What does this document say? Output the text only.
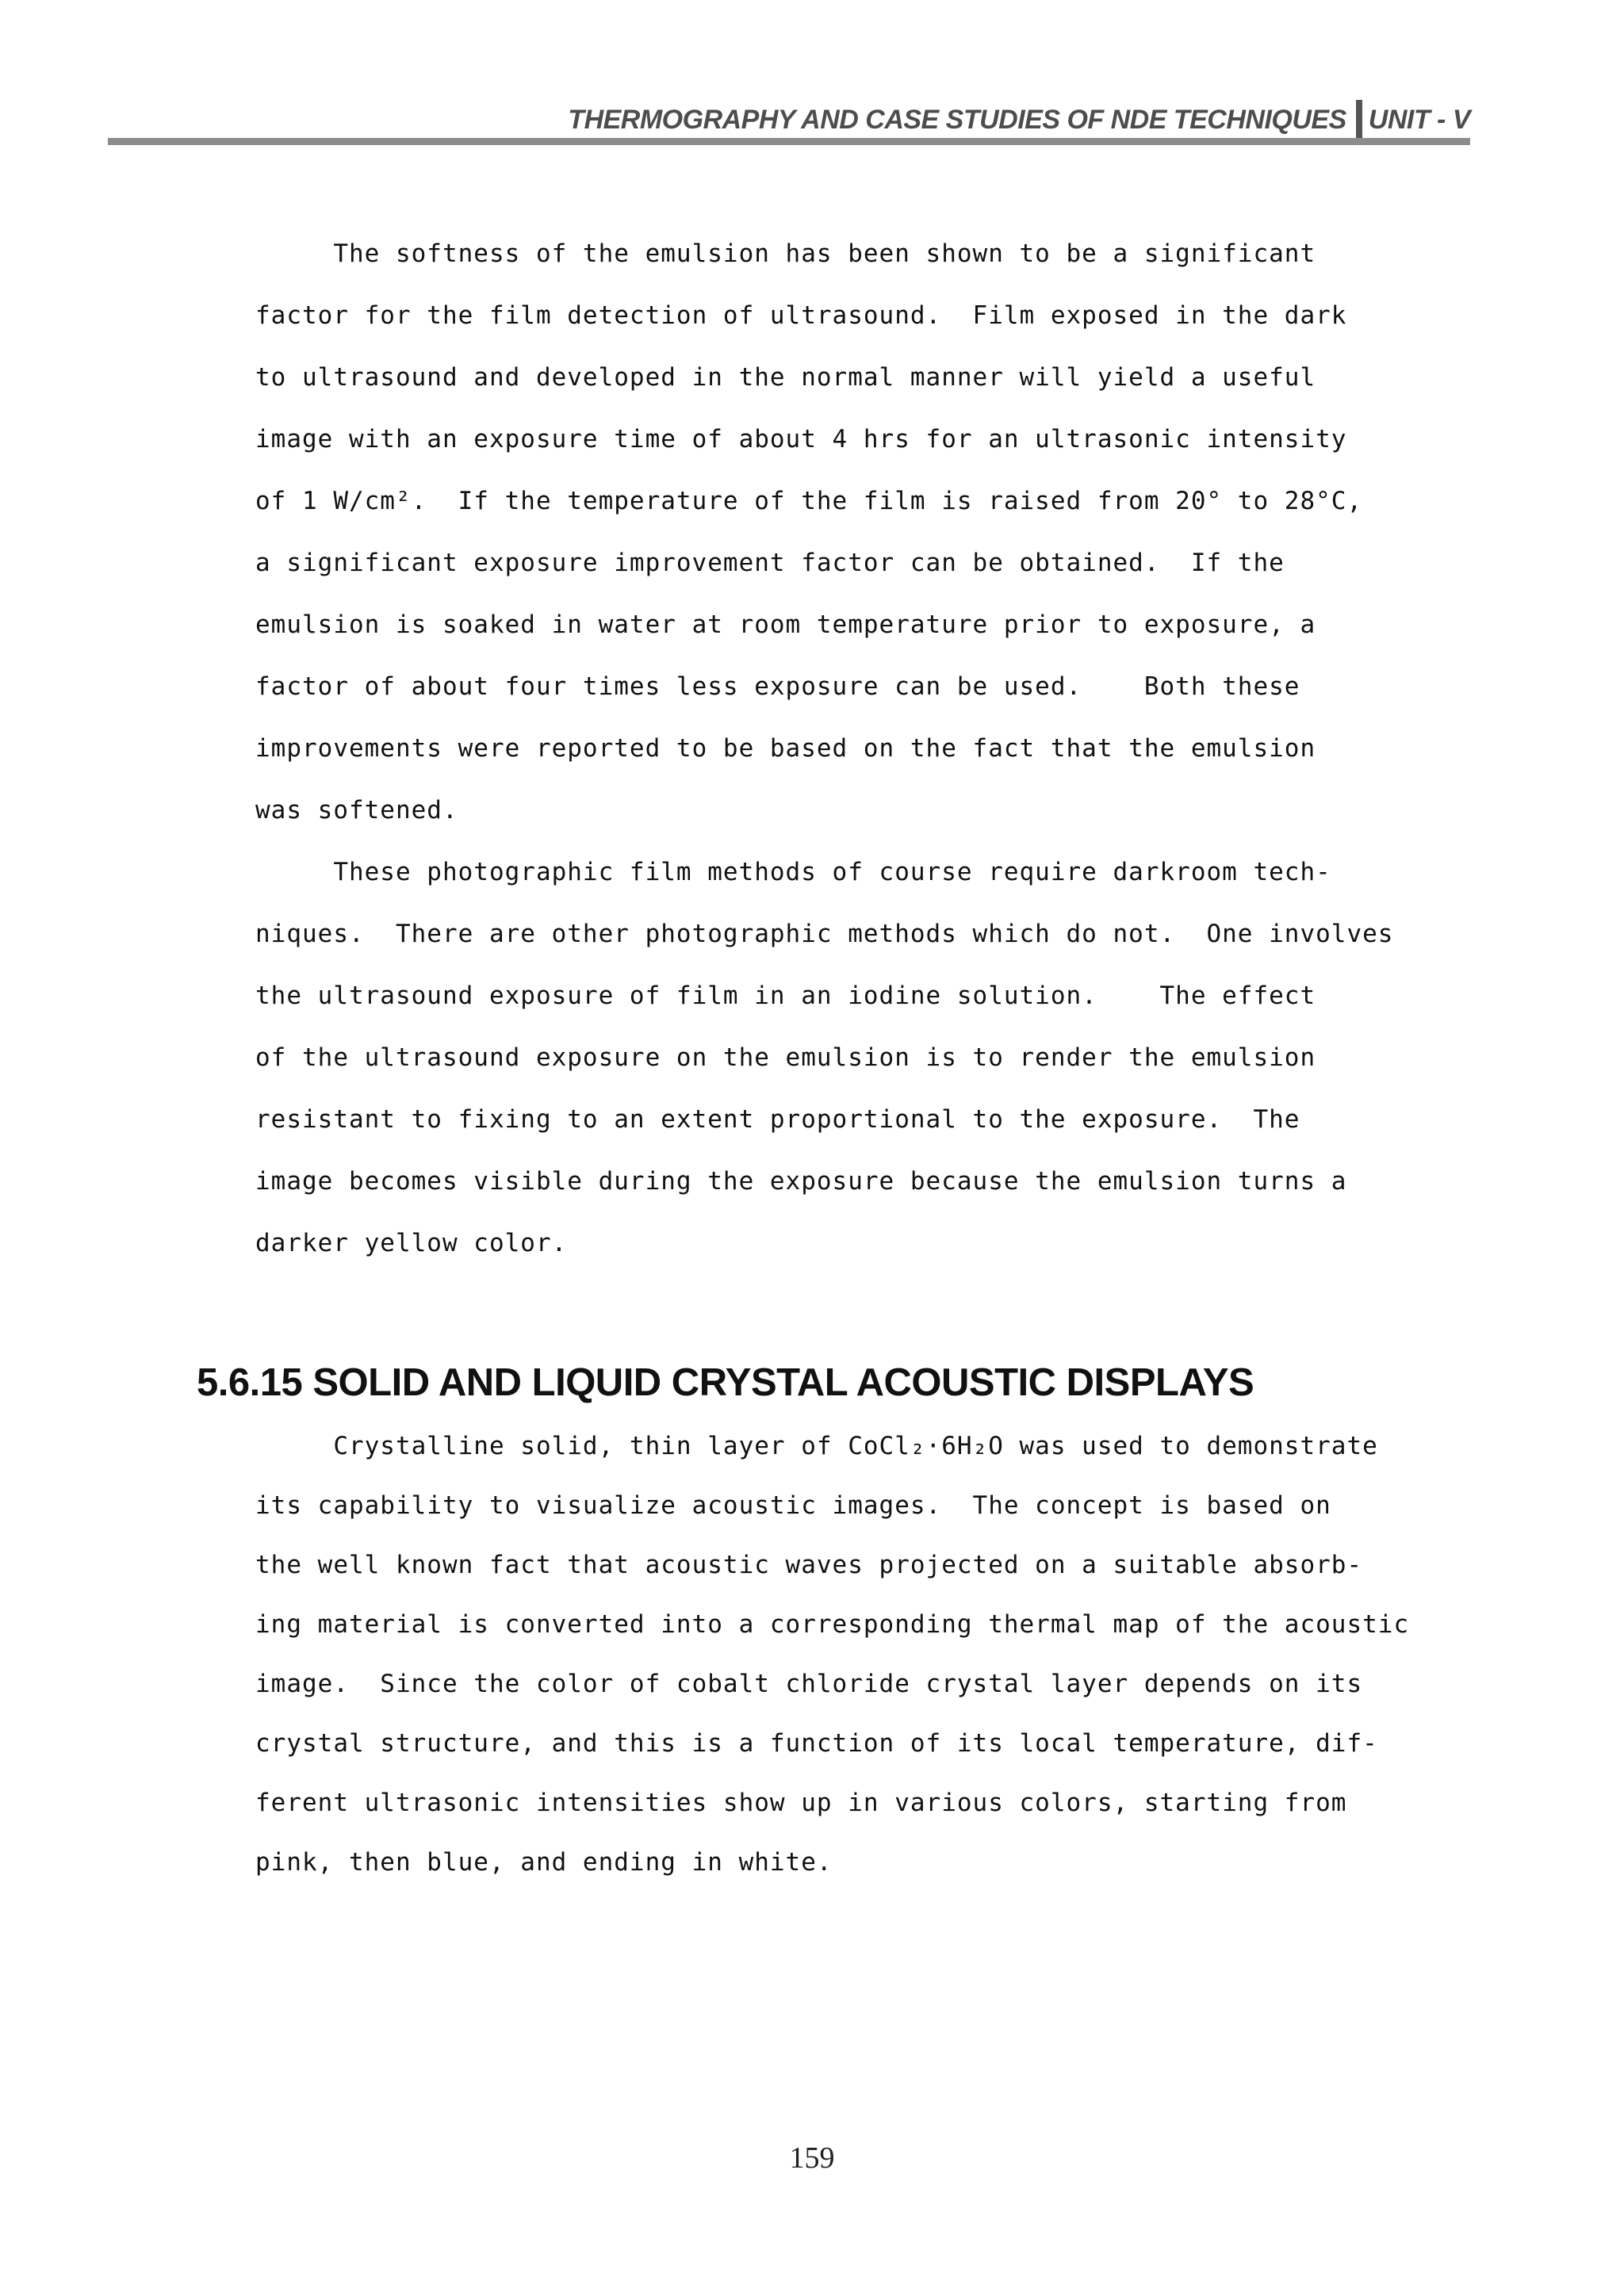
THERMOGRAPHY AND CASE STUDIES OF NDE TECHNIQUES UNIT - V
The softness of the emulsion has been shown to be a significant
factor for the film detection of ultrasound.  Film exposed in the dark
to ultrasound and developed in the normal manner will yield a useful
image with an exposure time of about 4 hrs for an ultrasonic intensity
of 1 W/cm².  If the temperature of the film is raised from 20° to 28°C,
a significant exposure improvement factor can be obtained.  If the
emulsion is soaked in water at room temperature prior to exposure, a
factor of about four times less exposure can be used.    Both these
improvements were reported to be based on the fact that the emulsion
was softened.
These photographic film methods of course require darkroom tech-
niques.  There are other photographic methods which do not.  One involves
the ultrasound exposure of film in an iodine solution.    The effect
of the ultrasound exposure on the emulsion is to render the emulsion
resistant to fixing to an extent proportional to the exposure.  The
image becomes visible during the exposure because the emulsion turns a
darker yellow color.
5.6.15 SOLID AND LIQUID CRYSTAL ACOUSTIC DISPLAYS
Crystalline solid, thin layer of CoCl₂·6H₂O was used to demonstrate
its capability to visualize acoustic images.  The concept is based on
the well known fact that acoustic waves projected on a suitable absorb-
ing material is converted into a corresponding thermal map of the acoustic
image.  Since the color of cobalt chloride crystal layer depends on its
crystal structure, and this is a function of its local temperature, dif-
ferent ultrasonic intensities show up in various colors, starting from
pink, then blue, and ending in white.
159
